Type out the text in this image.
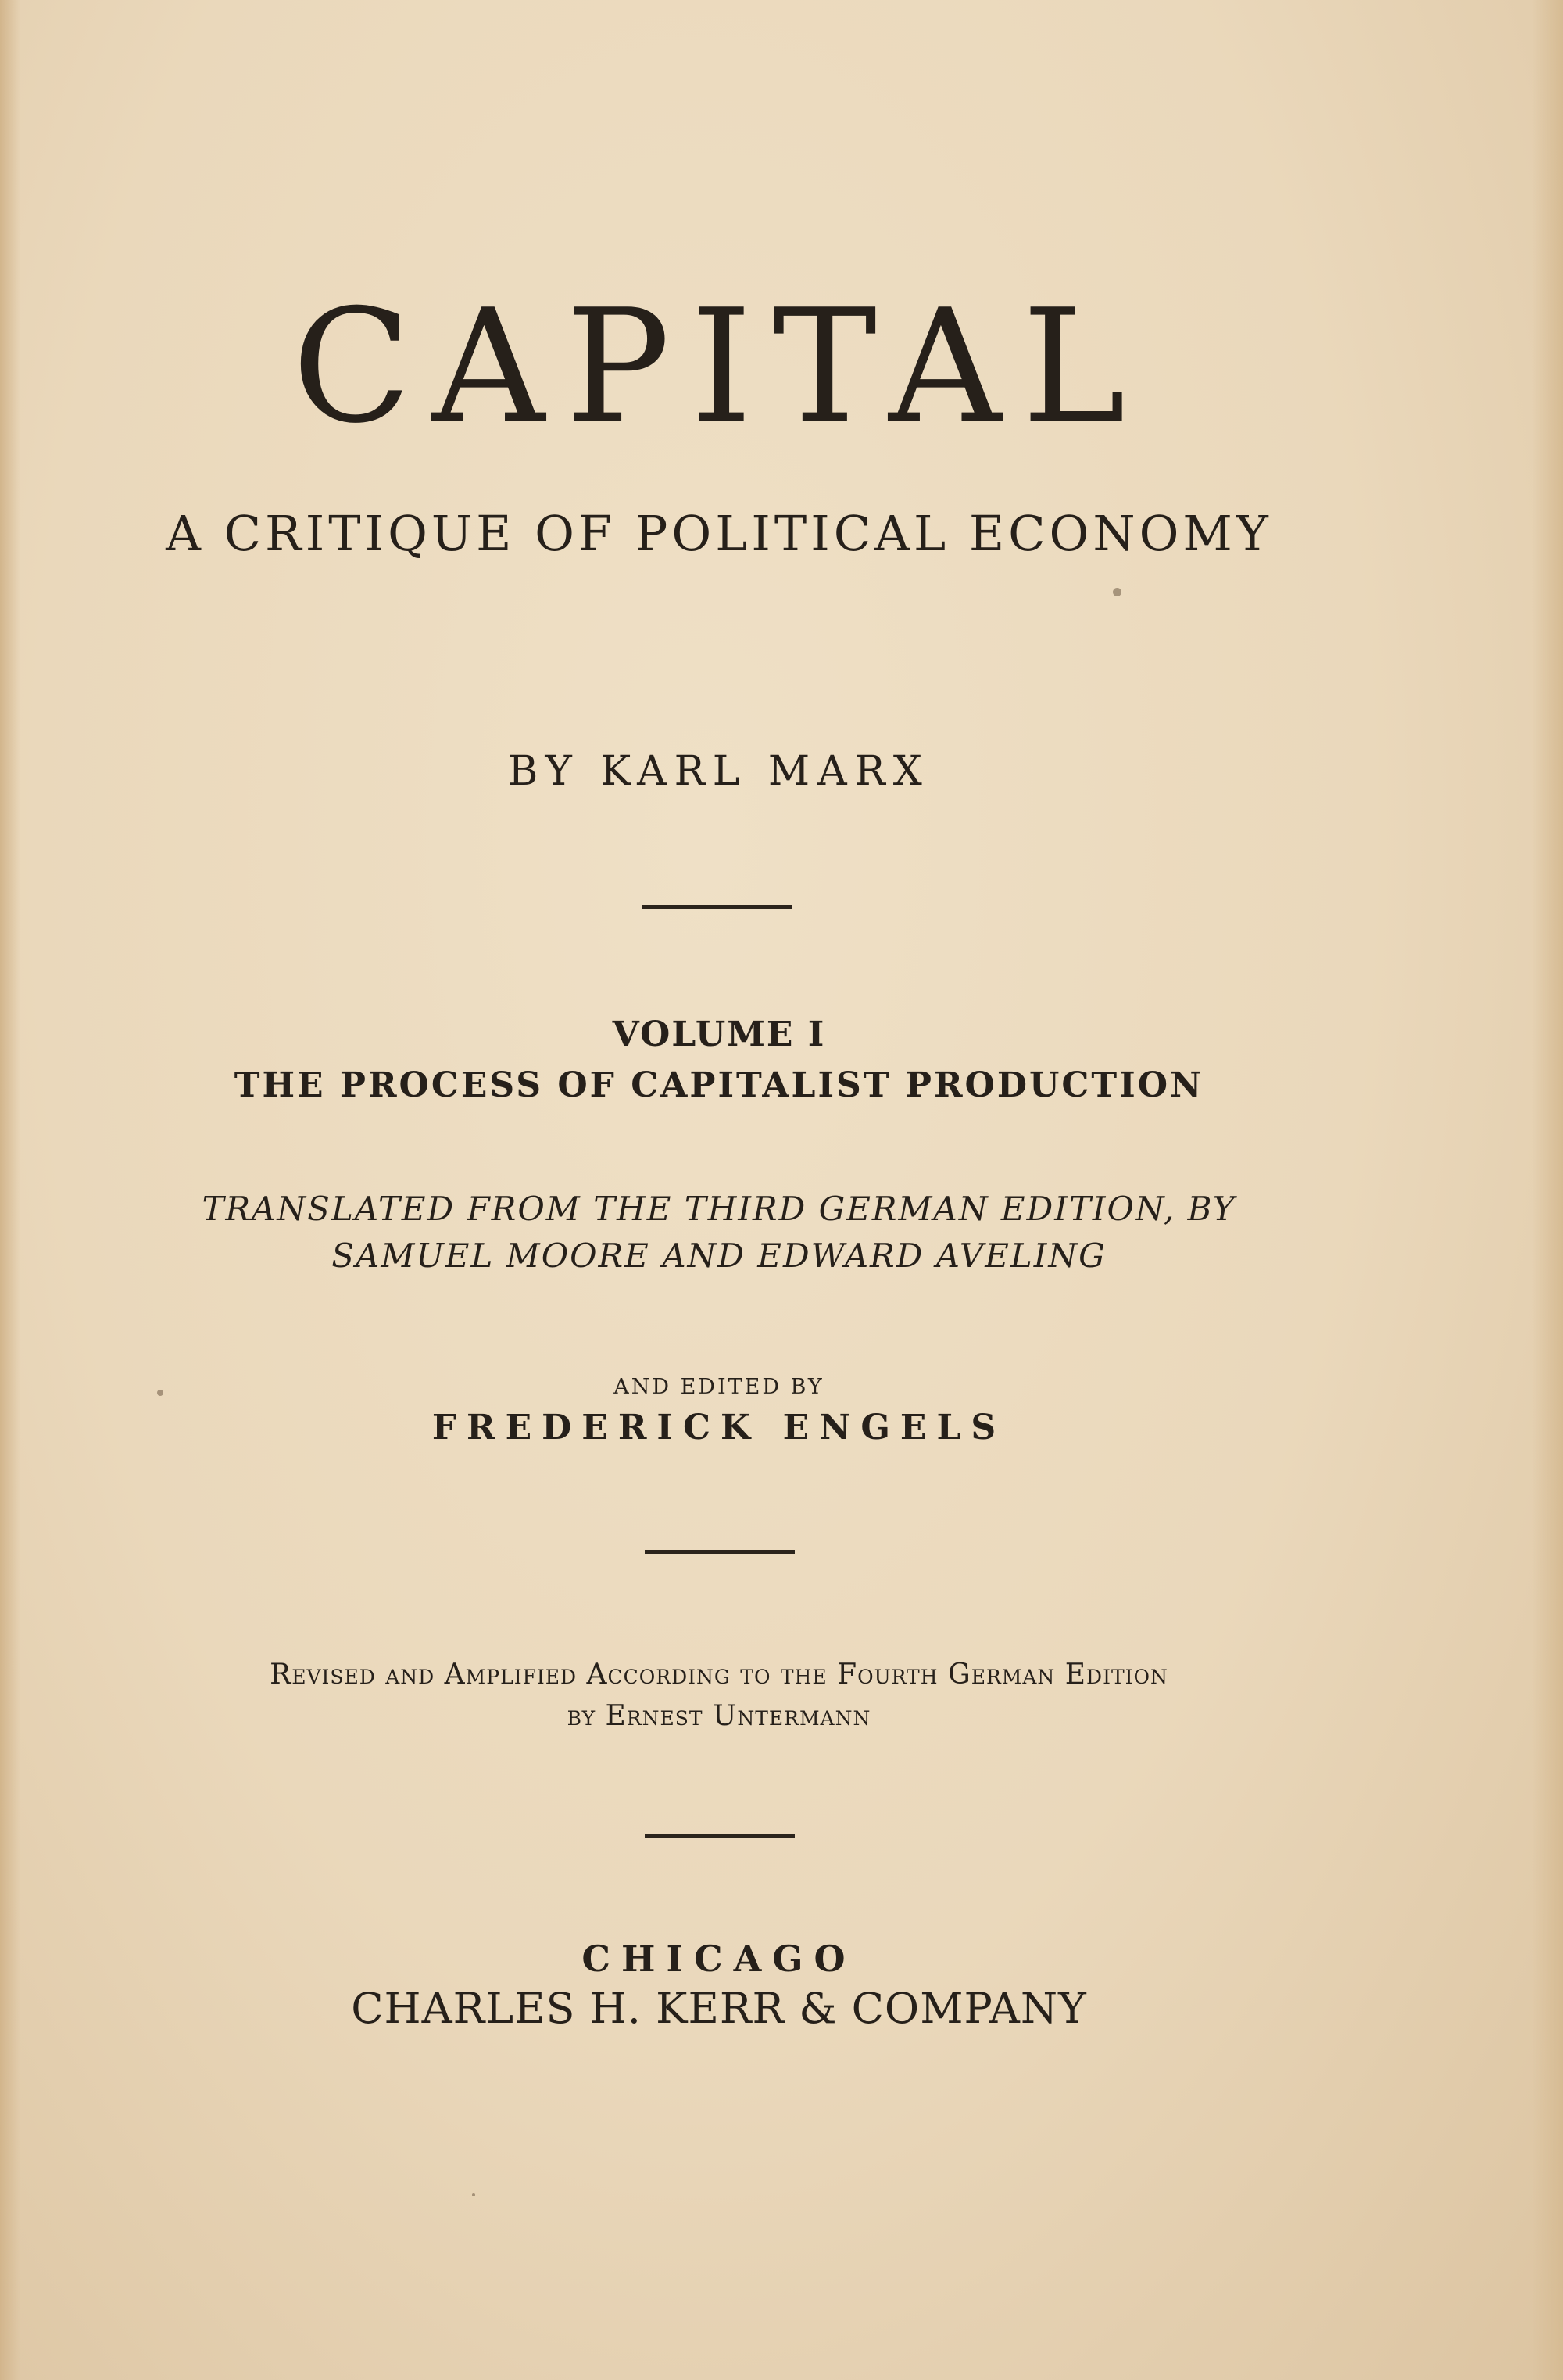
CAPITAL
A CRITIQUE OF POLITICAL ECONOMY
BY KARL MARX
VOLUME I
THE PROCESS OF CAPITALIST PRODUCTION
TRANSLATED FROM THE THIRD GERMAN EDITION, BY
SAMUEL MOORE AND EDWARD AVELING
AND EDITED BY
FREDERICK ENGELS
Revised and Amplified According to the Fourth German Edition
by Ernest Untermann
CHICAGO
CHARLES H. KERR & COMPANY
